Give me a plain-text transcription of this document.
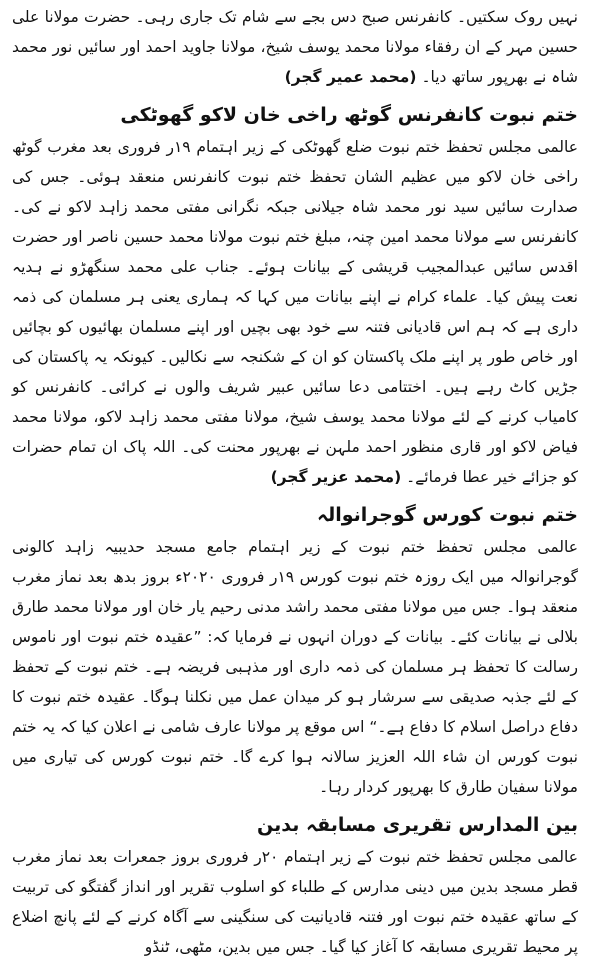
نہیں روک سکتیں۔ کانفرنس صبح دس بجے سے شام تک جاری رہی۔ حضرت مولانا علی حسین مہر کے ان رفقاء مولانا محمد یوسف شیخ، مولانا جاوید احمد اور سائیں نور محمد شاہ نے بھرپور ساتھ دیا۔ (محمد عمیر گجر)

ختم نبوت کانفرنس گوٹھ راخی خان لاکو گھوٹکی

عالمی مجلس تحفظ ختم نبوت ضلع گھوٹکی کے زیر اہتمام ۱۹ر فروری بعد مغرب گوٹھ راخی خان لاکو میں عظیم الشان تحفظ ختم نبوت کانفرنس منعقد ہوئی۔ جس کی صدارت سائیں سید نور محمد شاہ جیلانی جبکہ نگرانی مفتی محمد زاہد لاکو نے کی۔ کانفرنس سے مولانا محمد امین چنہ، مبلغ ختم نبوت مولانا محمد حسین ناصر اور حضرت اقدس سائیں عبدالمجیب قریشی کے بیانات ہوئے۔ جناب علی محمد سنگھڑو نے ہدیہ نعت پیش کیا۔ علماء کرام نے اپنے بیانات میں کہا کہ ہماری یعنی ہر مسلمان کی ذمہ داری ہے کہ ہم اس قادیانی فتنہ سے خود بھی بچیں اور اپنے مسلمان بھائیوں کو بچائیں اور خاص طور پر اپنے ملک پاکستان کو ان کے شکنجہ سے نکالیں۔ کیونکہ یہ پاکستان کی جڑیں کاٹ رہے ہیں۔ اختتامی دعا سائیں عبیر شریف والوں نے کرائی۔ کانفرنس کو کامیاب کرنے کے لئے مولانا محمد یوسف شیخ، مولانا مفتی محمد زاہد لاکو، مولانا محمد فیاض لاکو اور قاری منظور احمد ملہن نے بھرپور محنت کی۔ اللہ پاک ان تمام حضرات کو جزائے خیر عطا فرمائے۔ (محمد عزیر گجر)

ختم نبوت کورس گوجرانوالہ

عالمی مجلس تحفظ ختم نبوت کے زیر اہتمام جامع مسجد حدیبیہ زاہد کالونی گوجرانوالہ میں ایک روزہ ختم نبوت کورس ۱۹ر فروری ۲۰۲۰ء بروز بدھ بعد نماز مغرب منعقد ہوا۔ جس میں مولانا مفتی محمد راشد مدنی رحیم یار خان اور مولانا محمد طارق بلالی نے بیانات کئے۔ بیانات کے دوران انہوں نے فرمایا کہ: ”عقیدہ ختم نبوت اور ناموس رسالت کا تحفظ ہر مسلمان کی ذمہ داری اور مذہبی فریضہ ہے۔ ختم نبوت کے تحفظ کے لئے جذبہ صدیقی سے سرشار ہو کر میدان عمل میں نکلنا ہوگا۔ عقیدہ ختم نبوت کا دفاع دراصل اسلام کا دفاع ہے۔“ اس موقع پر مولانا عارف شامی نے اعلان کیا کہ یہ ختم نبوت کورس ان شاء اللہ العزیز سالانہ ہوا کرے گا۔ ختم نبوت کورس کی تیاری میں مولانا سفیان طارق کا بھرپور کردار رہا۔

بین المدارس تقریری مسابقہ بدین

عالمی مجلس تحفظ ختم نبوت کے زیر اہتمام ۲۰ر فروری بروز جمعرات بعد نماز مغرب قطر مسجد بدین میں دینی مدارس کے طلباء کو اسلوب تقریر اور انداز گفتگو کی تربیت کے ساتھ عقیدہ ختم نبوت اور فتنہ قادیانیت کی سنگینی سے آگاہ کرنے کے لئے پانچ اضلاع پر محیط تقریری مسابقہ کا آغاز کیا گیا۔ جس میں بدین، مٹھی، ٹنڈو
